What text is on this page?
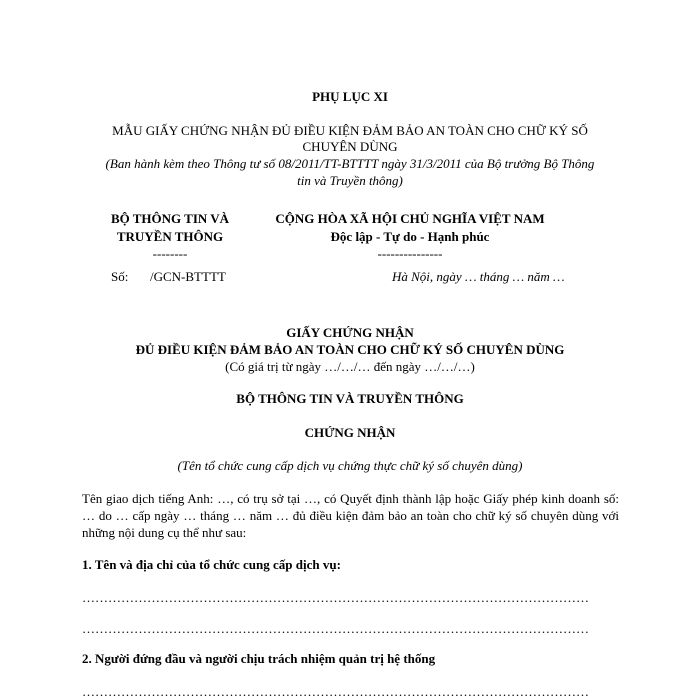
PHỤ LỤC XI
MẪU GIẤY CHỨNG NHẬN ĐỦ ĐIỀU KIỆN ĐẢM BẢO AN TOÀN CHO CHỮ KÝ SỐ
CHUYÊN DÙNG
(Ban hành kèm theo Thông tư số 08/2011/TT-BTTTT ngày 31/3/2011 của Bộ trưởng Bộ Thông
tin và Truyền thông)
BỘ THÔNG TIN VÀ
TRUYỀN THÔNG
--------
CỘNG HÒA XÃ HỘI CHỦ NGHĨA VIỆT NAM
Độc lập - Tự do - Hạnh phúc
---------------
Số: /GCN-BTTTT	Hà Nội, ngày … tháng … năm …
GIẤY CHỨNG NHẬN
ĐỦ ĐIỀU KIỆN ĐẢM BẢO AN TOÀN CHO CHỮ KÝ SỐ CHUYÊN DÙNG
(Có giá trị từ ngày …/…/… đến ngày …/…/…)
BỘ THÔNG TIN VÀ TRUYỀN THÔNG
CHỨNG NHẬN
(Tên tổ chức cung cấp dịch vụ chứng thực chữ ký số chuyên dùng)
Tên giao dịch tiếng Anh: …, có trụ sở tại …, có Quyết định thành lập hoặc Giấy phép kinh doanh số: … do … cấp ngày … tháng … năm … đủ điều kiện đảm bảo an toàn cho chữ ký số chuyên dùng với những nội dung cụ thể như sau:
1. Tên và địa chỉ của tổ chức cung cấp dịch vụ:
………………………………………………………………………………………………………
………………………………………………………………………………………………………
2. Người đứng đầu và người chịu trách nhiệm quản trị hệ thống
………………………………………………………………………………………………………
